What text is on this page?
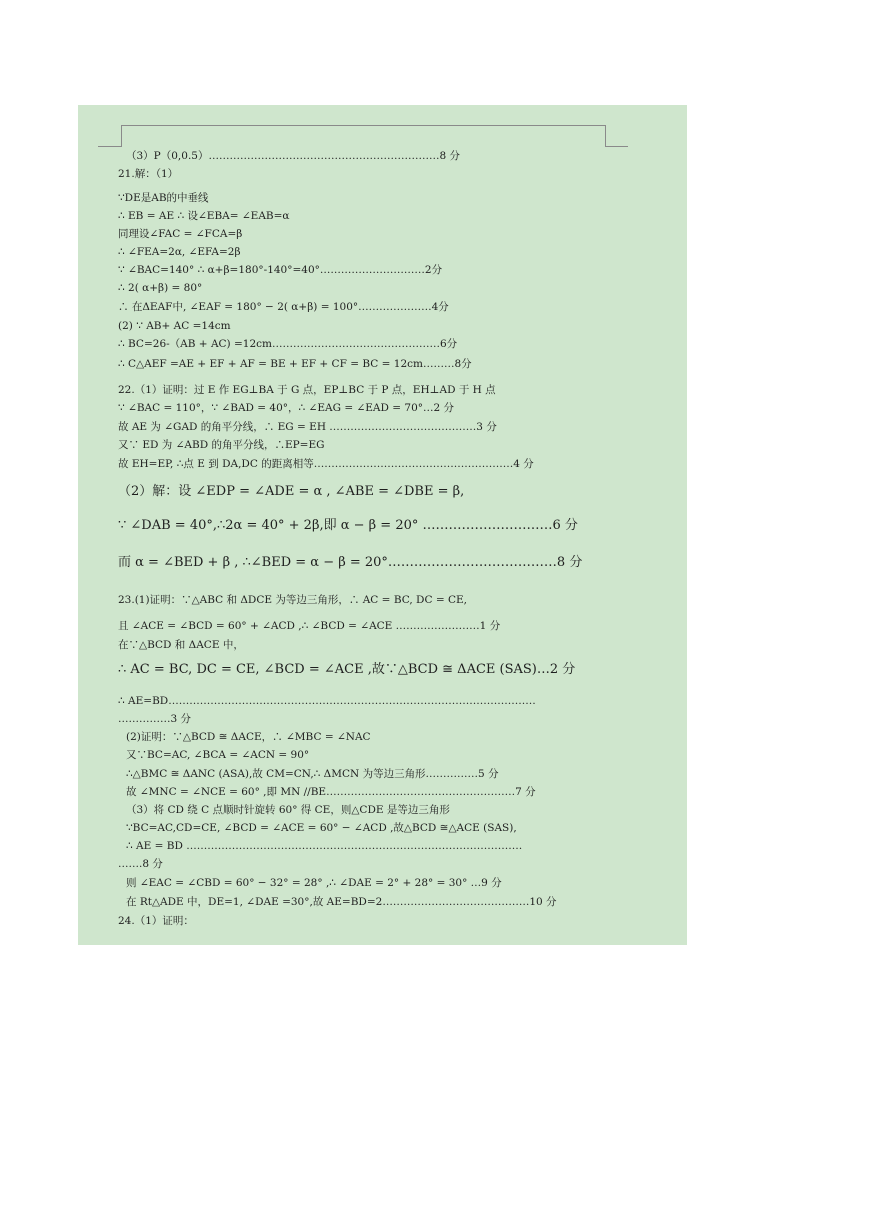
（3）P（0,0.5）…………………………………………………………8 分
21.解：（1）
∵DE是AB的中垂线
∴ EB = AE ∴ 设∠EBA= ∠EAB=α
同理设∠FAC = ∠FCA=β
∴ ∠FEA=2α, ∠EFA=2β
∵ ∠BAC=140° ∴ α+β=180°-140°=40°…………………………2分
∴ 2( α+β) = 80°
∴ 在ΔEAF中, ∠EAF = 180° − 2( α+β) = 100°…………………4分
(2) ∵ AB+ AC =14cm
∴ BC=26-（AB + AC) =12cm…………………………………………6分
∴ C△AEF =AE + EF + AF = BE + EF + CF = BC = 12cm………8分
22.（1）证明：过 E 作 EG⊥BA 于 G 点，EP⊥BC 于 P 点，EH⊥AD 于 H 点
∵ ∠BAC = 110°，∵ ∠BAD = 40°，∴ ∠EAG = ∠EAD = 70°…2 分
故 AE 为 ∠GAD 的角平分线，∴ EG = EH ……………………………………3 分
又∵ ED 为 ∠ABD 的角平分线，∴EP=EG
故 EH=EP, ∴点 E 到 DA,DC 的距离相等…………………………………………………4 分
（2）解：设 ∠EDP = ∠ADE = α , ∠ABE = ∠DBE = β,
∵ ∠DAB = 40°,∴2α = 40° + 2β,即 α − β = 20° …………………………6 分
而 α = ∠BED + β , ∴∠BED = α − β = 20°…………………………………8 分
23.(1)证明：∵△ABC 和 ΔDCE 为等边三角形，∴ AC = BC, DC = CE,
且 ∠ACE = ∠BCD = 60° + ∠ACD ,∴ ∠BCD = ∠ACE ……………………1 分
在∵△BCD 和 ΔACE 中，
∴ AC = BC, DC = CE, ∠BCD = ∠ACE ,故∵△BCD ≅ ΔACE (SAS)…2 分
∴ AE=BD……………………………………………………………………………………………
……………3 分
(2)证明：∵△BCD ≅ ΔACE，∴ ∠MBC = ∠NAC
又∵BC=AC, ∠BCA = ∠ACN = 90°
∴△BMC ≅ ΔANC (ASA),故 CM=CN,∴ ΔMCN 为等边三角形……………5 分
故 ∠MNC = ∠NCE = 60° ,即 MN //BE………………………………………………7 分
（3）将 CD 绕 C 点顺时针旋转 60° 得 CE，则△CDE 是等边三角形
∵BC=AC,CD=CE, ∠BCD = ∠ACE = 60° − ∠ACD ,故△BCD ≅△ACE (SAS),
∴ AE = BD ……………………………………………………………………………………
…….8 分
则 ∠EAC = ∠CBD = 60° − 32° = 28° ,∴ ∠DAE = 2° + 28° = 30° …9 分
在 Rt△ADE 中，DE=1, ∠DAE =30°,故 AE=BD=2……………………………………10 分
24.（1）证明：
